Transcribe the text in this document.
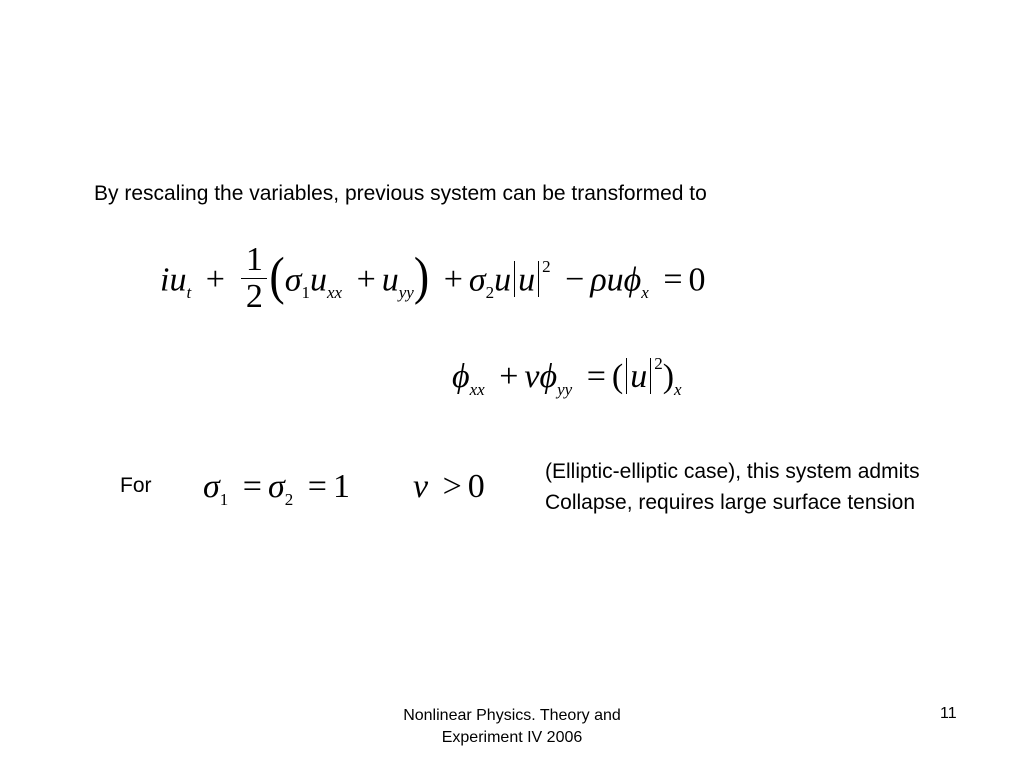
By rescaling the variables, previous system can be transformed to
$iu_t + \frac{1}{2} (\sigma_1u_{xx} + u_{yy}) + \sigma_2u$ u $^2$ − ρuϕ$_x$ = 0
$\phi_{xx} + \nu\phi_{yy}$ = ( u $^2)_x$
For $\sigma_1 = \sigma_2 = 1$ ν > 0	(Elliptic-elliptic case), this system admits
Collapse, requires large surface tension
Nonlinear Physics. Theory and
Experiment IV 2006
11
